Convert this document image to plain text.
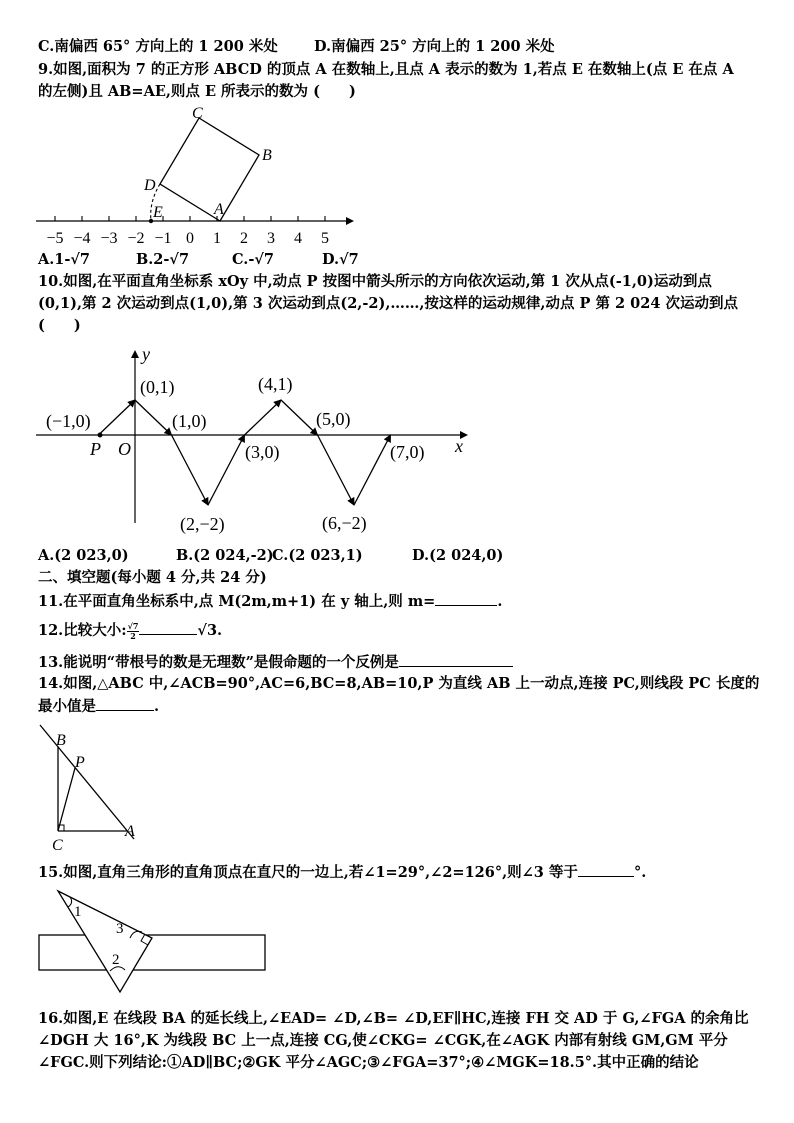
C.南偏西 65° 方向上的 1 200 米处 D.南偏西 25° 方向上的 1 200 米处
9.如图,面积为 7 的正方形 ABCD 的顶点 A 在数轴上,且点 A 表示的数为 1,若点 E 在数轴上(点 E 在点 A
的左侧)且 AB=AE,则点 E 所表示的数为 (　　)
−5 −4 −3 −2 −1 0 1 2 3 4 5
A
B
C
D
E
A.1-√7	B.2-√7	C.-√7	D.√7
10.如图,在平面直角坐标系 xOy 中,动点 P 按图中箭头所示的方向依次运动,第 1 次从点(-1,0)运动到点
(0,1),第 2 次运动到点(1,0),第 3 次运动到点(2,-2),……,按这样的运动规律,动点 P 第 2 024 次运动到点
(　　)
x
y
O
P
(−1,0)
(0,1)
(1,0)
(2,−2)
(3,0)
(4,1)
(5,0)
(6,−2)
(7,0)
A.(2 023,0)	B.(2 024,-2)C.(2 023,1)	D.(2 024,0)
二、填空题(每小题 4 分,共 24 分)
11.在平面直角坐标系中,点 M(2m,m+1) 在 y 轴上,则 m=	.
12.比较大小: $\frac{√7}{2}$	√3.
13.能说明“带根号的数是无理数”是假命题的一个反例是
14.如图,△ABC 中,∠ACB=90°,AC=6,BC=8,AB=10,P 为直线 AB 上一动点,连接 PC,则线段 PC 长度的
最小值是	.
B
P
C
A
15.如图,直角三角形的直角顶点在直尺的一边上,若∠1=29°,∠2=126°,则∠3 等于	°.
1
2
3
16.如图,E 在线段 BA 的延长线上,∠EAD= ∠D,∠B= ∠D,EF∥HC,连接 FH 交 AD 于 G,∠FGA 的余角比
∠DGH 大 16°,K 为线段 BC 上一点,连接 CG,使∠CKG= ∠CGK,在∠AGK 内部有射线 GM,GM 平分
∠FGC.则下列结论:①AD∥BC;②GK 平分∠AGC;③∠FGA=37°;④∠MGK=18.5°.其中正确的结论
